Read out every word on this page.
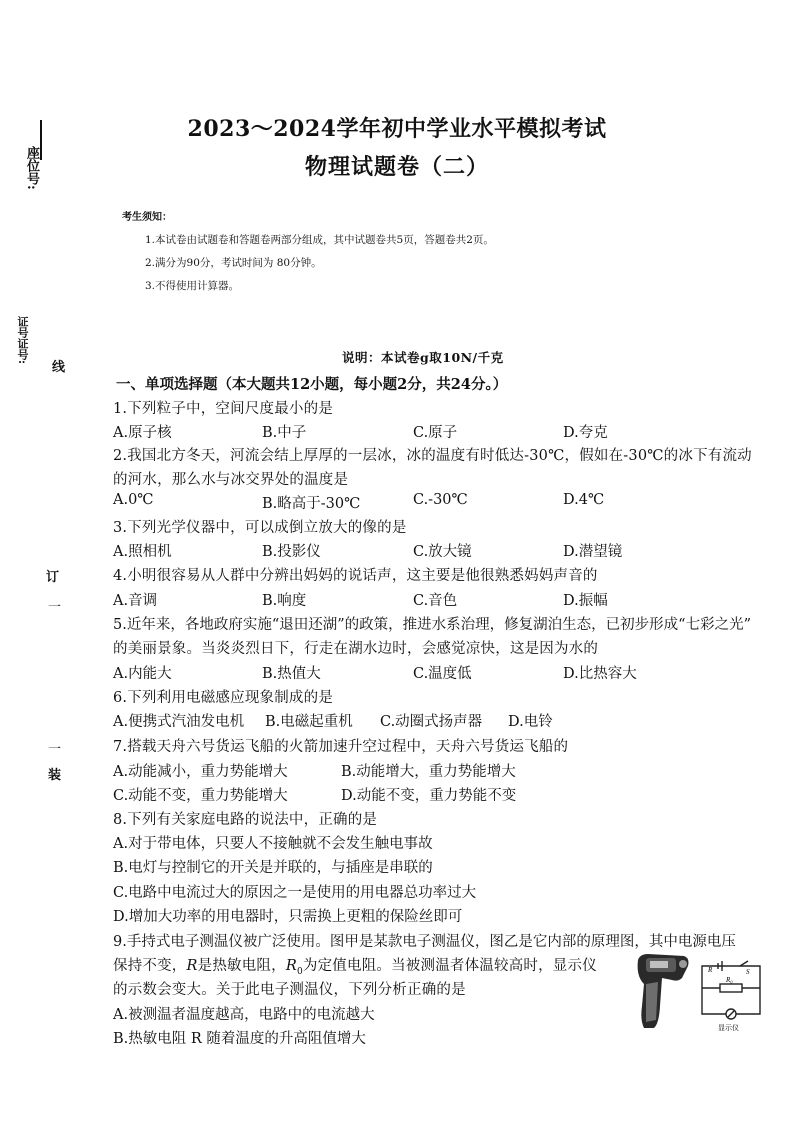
座位号:
证号证号:
线
订
一
一
装
2023～2024学年初中学业水平模拟考试
物理试题卷（二）
考生须知：
1.本试卷由试题卷和答题卷两部分组成，其中试题卷共5页，答题卷共2页。
2.满分为90分，考试时间为 80分钟。
3.不得使用计算器。
说明：本试卷g取10N/千克
一、单项选择题（本大题共12小题，每小题2分，共24分。）
1.下列粒子中，空间尺度最小的是
A.原子核	B.中子	C.原子	D.夸克
2.我国北方冬天，河流会结上厚厚的一层冰，冰的温度有时低达-30℃，假如在-30℃的冰下有流动
的河水，那么水与冰交界处的温度是
A.0℃	B.略高于-30℃	C.-30℃	D.4℃
3.下列光学仪器中，可以成倒立放大的像的是
A.照相机	B.投影仪	C.放大镜	D.潜望镜
4.小明很容易从人群中分辨出妈妈的说话声，这主要是他很熟悉妈妈声音的
A.音调	B.响度	C.音色	D.振幅
5.近年来，各地政府实施“退田还湖”的政策，推进水系治理，修复湖泊生态，已初步形成“七彩之光”
的美丽景象。当炎炎烈日下，行走在湖水边时，会感觉凉快，这是因为水的
A.内能大	B.热值大	C.温度低	D.比热容大
6.下列利用电磁感应现象制成的是
A.便携式汽油发电机 B.电磁起重机 C.动圈式扬声器 D.电铃
7.搭载天舟六号货运飞船的火箭加速升空过程中，天舟六号货运飞船的
A.动能减小，重力势能增大	B.动能增大，重力势能增大
C.动能不变，重力势能增大	D.动能不变，重力势能不变
8.下列有关家庭电路的说法中，正确的是
A.对于带电体，只要人不接触就不会发生触电事故
B.电灯与控制它的开关是并联的，与插座是串联的
C.电路中电流过大的原因之一是使用的用电器总功率过大
D.增加大功率的用电器时，只需换上更粗的保险丝即可
9.手持式电子测温仪被广泛使用。图甲是某款电子测温仪，图乙是它内部的原理图，其中电源电压
保持不变，R是热敏电阻，$R_0$为定值电阻。当被测温者体温较高时，显示仪
的示数会变大。关于此电子测温仪，下列分析正确的是
A.被测温者温度越高，电路中的电流越大
B.热敏电阻 R 随着温度的升高阻值增大
R	S
R₀
显示仪
